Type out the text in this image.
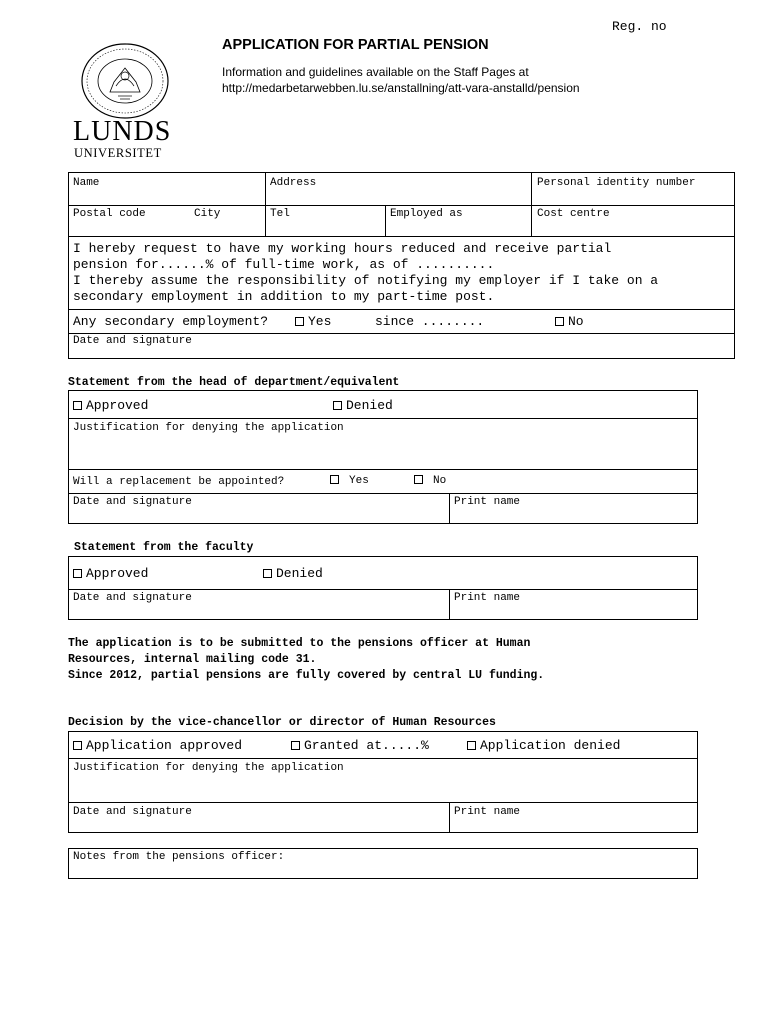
Reg. no
APPLICATION FOR PARTIAL PENSION
Information and guidelines available on the Staff Pages at
http://medarbetarwebben.lu.se/anstallning/att-vara-anstalld/pension
LUNDS
UNIVERSITET
Name	Address	Personal identity number
Postal code	City	Tel	Employed as	Cost centre
I hereby request to have my working hours reduced and receive partial
pension for......% of full-time work, as of ..........
I thereby assume the responsibility of notifying my employer if I take on a
secondary employment in addition to my part-time post.
Any secondary employment?	Yes	since ........	No
Date and signature
Statement from the head of department/equivalent
Approved	Denied
Justification for denying the application
Will a replacement be appointed?	Yes	No
Date and signature	Print name
Statement from the faculty
Approved	Denied
Date and signature	Print name
The application is to be submitted to the pensions officer at Human
Resources, internal mailing code 31.
Since 2012, partial pensions are fully covered by central LU funding.
Decision by the vice-chancellor or director of Human Resources
Application approved	Granted at.....%	Application denied
Justification for denying the application
Date and signature	Print name
Notes from the pensions officer:
